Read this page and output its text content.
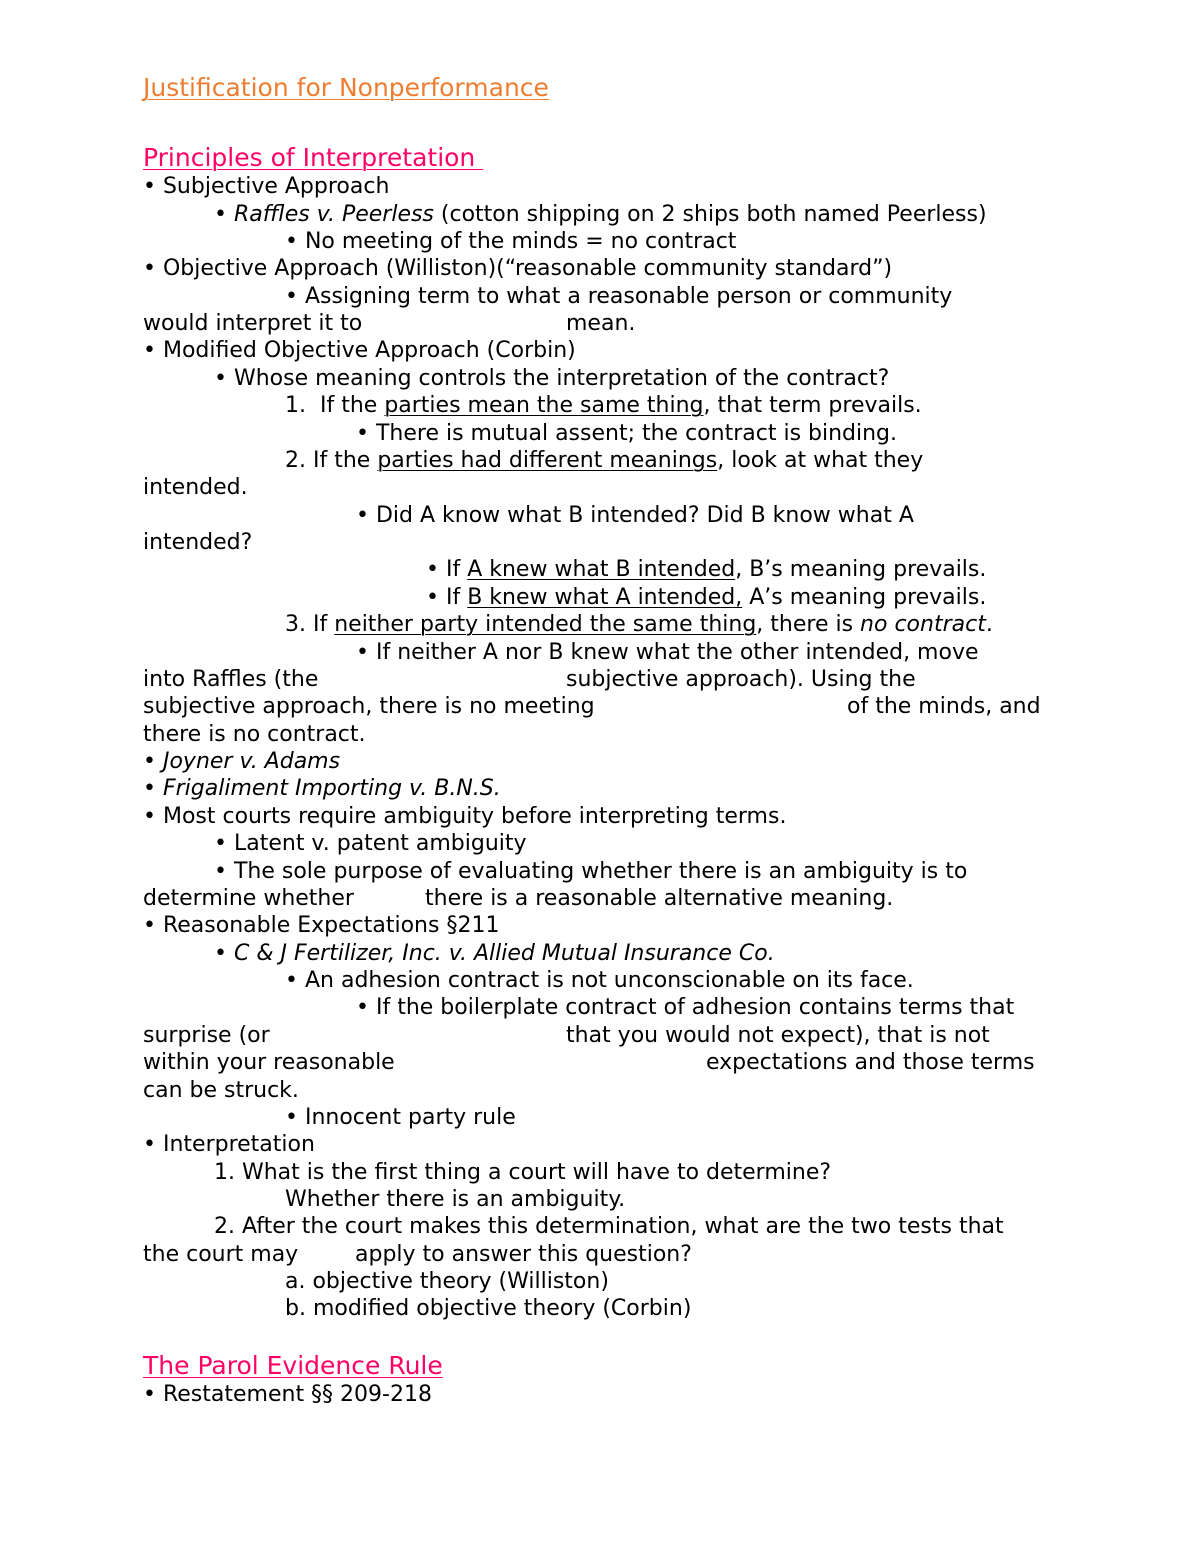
Justification for Nonperformance
Principles of Interpretation
• Subjective Approach
• Raffles v. Peerless (cotton shipping on 2 ships both named Peerless)
• No meeting of the minds = no contract
• Objective Approach (Williston)(“reasonable community standard”)
• Assigning term to what a reasonable person or community
would interpret it to	mean.
• Modified Objective Approach (Corbin)
• Whose meaning controls the interpretation of the contract?
1.  If the parties mean the same thing, that term prevails.
• There is mutual assent; the contract is binding.
2. If the parties had different meanings, look at what they
intended.
• Did A know what B intended? Did B know what A
intended?
• If A knew what B intended, B’s meaning prevails.
• If B knew what A intended, A’s meaning prevails.
3. If neither party intended the same thing, there is no contract.
• If neither A nor B knew what the other intended, move
into Raffles (the	subjective approach). Using the
subjective approach, there is no meeting	of the minds, and
there is no contract.
• Joyner v. Adams
• Frigaliment Importing v. B.N.S.
• Most courts require ambiguity before interpreting terms.
• Latent v. patent ambiguity
• The sole purpose of evaluating whether there is an ambiguity is to
determine whether	there is a reasonable alternative meaning.
• Reasonable Expectations §211
• C & J Fertilizer, Inc. v. Allied Mutual Insurance Co.
• An adhesion contract is not unconscionable on its face.
• If the boilerplate contract of adhesion contains terms that
surprise (or	that you would not expect), that is not
within your reasonable	expectations and those terms
can be struck.
• Innocent party rule
• Interpretation
1. What is the first thing a court will have to determine?
Whether there is an ambiguity.
2. After the court makes this determination, what are the two tests that
the court may	apply to answer this question?
a. objective theory (Williston)
b. modified objective theory (Corbin)
The Parol Evidence Rule
• Restatement §§ 209-218
